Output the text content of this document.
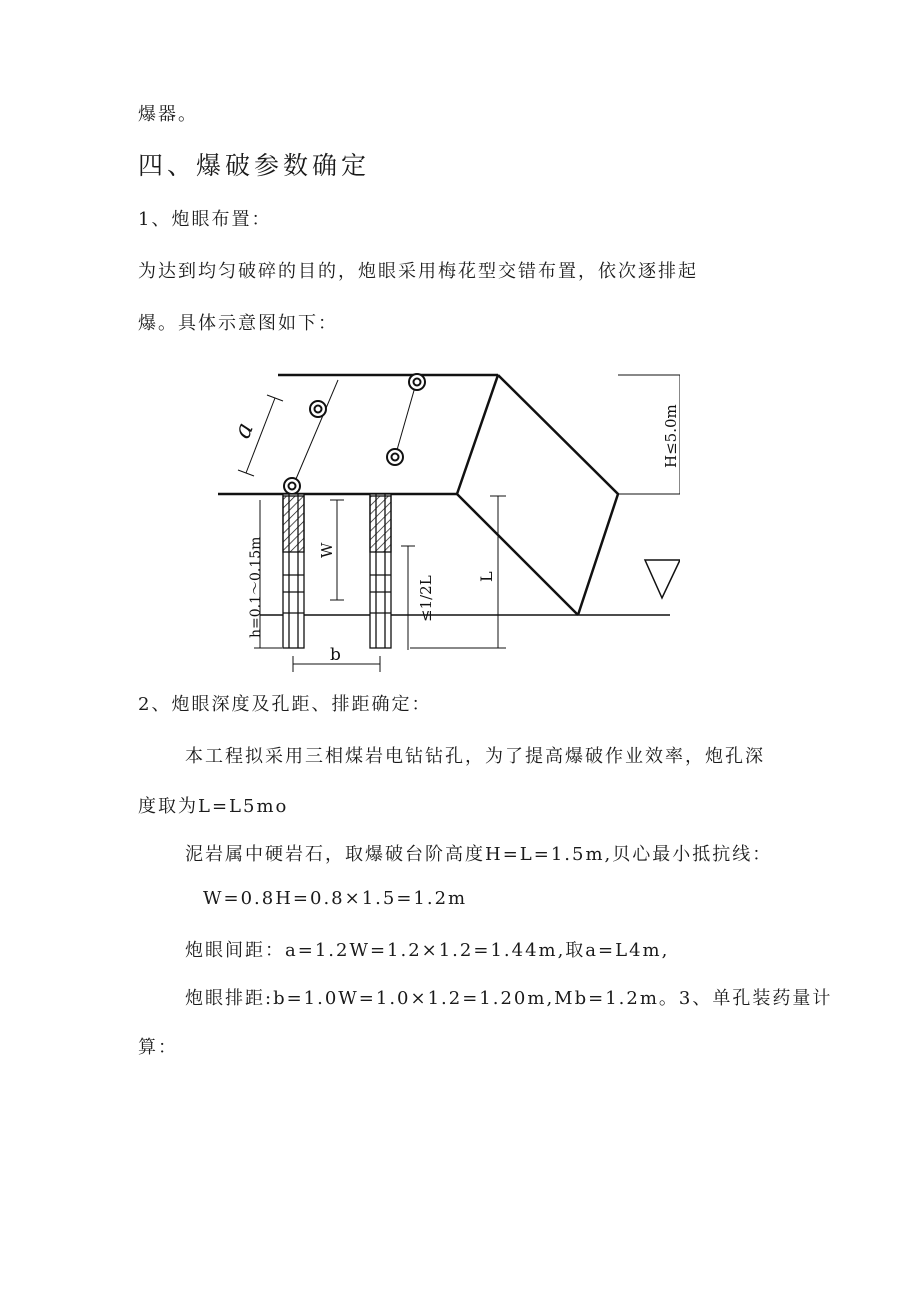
爆器。
四、爆破参数确定
1、炮眼布置：
为达到均匀破碎的目的，炮眼采用梅花型交错布置，依次逐排起
爆。具体示意图如下：
a
h=0.1～0.15m	W
≤1/2L	L
H≤5.0m
b
2、炮眼深度及孔距、排距确定：
本工程拟采用三相煤岩电钻钻孔，为了提高爆破作业效率，炮孔深
度取为L=L5mo
泥岩属中硬岩石，取爆破台阶高度H=L=1.5m,贝心最小抵抗线：
W=0.8H=0.8×1.5=1.2m
炮眼间距：a=1.2W=1.2×1.2=1.44m,取a=L4m,
炮眼排距:b=1.0W=1.0×1.2=1.20m,Mb=1.2m。3、单孔装药量计
算：
